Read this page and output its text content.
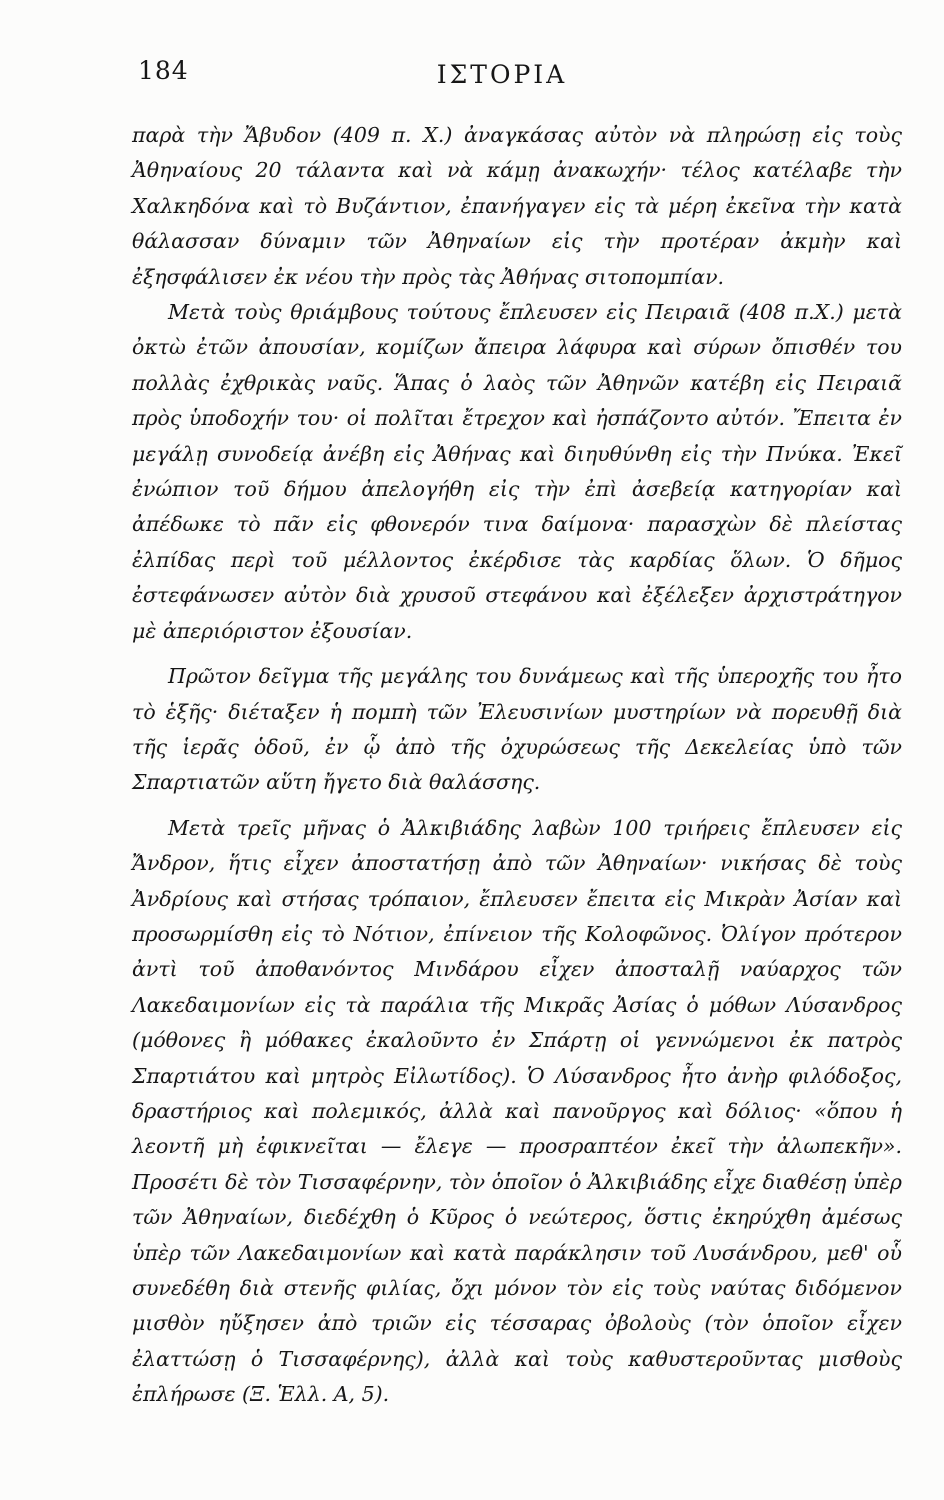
184	ΙΣΤΟΡΙΑ

παρὰ τὴν Ἄβυδον (409 π. Χ.) ἀναγκάσας αὐτὸν νὰ πληρώσῃ εἰς τοὺς Ἀθηναίους 20 τάλαντα καὶ νὰ κάμῃ ἀνακωχήν· τέλος κατέλαβε τὴν Χαλκηδόνα καὶ τὸ Βυζάντιον, ἐπανήγαγεν εἰς τὰ μέρη ἐκεῖνα τὴν κατὰ θάλασσαν δύναμιν τῶν Ἀθηναίων εἰς τὴν προτέραν ἀκμὴν καὶ ἐξησφάλισεν ἐκ νέου τὴν πρὸς τὰς Ἀθήνας σιτοπομπίαν.

Μετὰ τοὺς θριάμβους τούτους ἔπλευσεν εἰς Πειραιᾶ (408 π.Χ.) μετὰ ὀκτὼ ἐτῶν ἀπουσίαν, κομίζων ἄπειρα λάφυρα καὶ σύρων ὄπισθέν του πολλὰς ἐχθρικὰς ναῦς. Ἅπας ὁ λαὸς τῶν Ἀθηνῶν κατέβη εἰς Πειραιᾶ πρὸς ὑποδοχήν του· οἱ πολῖται ἔτρεχον καὶ ἠσπάζοντο αὐτόν. Ἔπειτα ἐν μεγάλῃ συνοδείᾳ ἀνέβη εἰς Ἀθήνας καὶ διηυθύνθη εἰς τὴν Πνύκα. Ἐκεῖ ἐνώπιον τοῦ δήμου ἀπελογήθη εἰς τὴν ἐπὶ ἀσεβείᾳ κατηγορίαν καὶ ἀπέδωκε τὸ πᾶν εἰς φθονερόν τινα δαίμονα· παρασχὼν δὲ πλείστας ἐλπίδας περὶ τοῦ μέλλοντος ἐκέρδισε τὰς καρδίας ὅλων. Ὁ δῆμος ἐστεφάνωσεν αὐτὸν διὰ χρυσοῦ στεφάνου καὶ ἐξέλεξεν ἀρχιστράτηγον μὲ ἀπεριόριστον ἐξουσίαν.

Πρῶτον δεῖγμα τῆς μεγάλης του δυνάμεως καὶ τῆς ὑπεροχῆς του ἦτο τὸ ἑξῆς· διέταξεν ἡ πομπὴ τῶν Ἐλευσινίων μυστηρίων νὰ πορευθῇ διὰ τῆς ἱερᾶς ὁδοῦ, ἐν ᾧ ἀπὸ τῆς ὀχυρώσεως τῆς Δεκελείας ὑπὸ τῶν Σπαρτιατῶν αὕτη ἤγετο διὰ θαλάσσης.

Μετὰ τρεῖς μῆνας ὁ Ἀλκιβιάδης λαβὼν 100 τριήρεις ἔπλευσεν εἰς Ἄνδρον, ἥτις εἶχεν ἀποστατήσῃ ἀπὸ τῶν Ἀθηναίων· νικήσας δὲ τοὺς Ἀνδρίους καὶ στήσας τρόπαιον, ἔπλευσεν ἔπειτα εἰς Μικρὰν Ἀσίαν καὶ προσωρμίσθη εἰς τὸ Νότιον, ἐπίνειον τῆς Κολοφῶνος. Ὀλίγον πρότερον ἀντὶ τοῦ ἀποθανόντος Μινδάρου εἶχεν ἀποσταλῇ ναύαρχος τῶν Λακεδαιμονίων εἰς τὰ παράλια τῆς Μικρᾶς Ἀσίας ὁ μόθων Λύσανδρος (μόθονες ἢ μόθακες ἐκαλοῦντο ἐν Σπάρτῃ οἱ γεννώμενοι ἐκ πατρὸς Σπαρτιάτου καὶ μητρὸς Εἰλωτίδος). Ὁ Λύσανδρος ἦτο ἀνὴρ φιλόδοξος, δραστήριος καὶ πολεμικός, ἀλλὰ καὶ πανοῦργος καὶ δόλιος· «ὅπου ἡ λεοντῆ μὴ ἐφικνεῖται — ἔλεγε — προσραπτέον ἐκεῖ τὴν ἀλωπεκῆν». Προσέτι δὲ τὸν Τισσαφέρνην, τὸν ὁποῖον ὁ Ἀλκιβιάδης εἶχε διαθέσῃ ὑπὲρ τῶν Ἀθηναίων, διεδέχθη ὁ Κῦρος ὁ νεώτερος, ὅστις ἐκηρύχθη ἀμέσως ὑπὲρ τῶν Λακεδαιμονίων καὶ κατὰ παράκλησιν τοῦ Λυσάνδρου, μεθ' οὗ συνεδέθη διὰ στενῆς φιλίας, ὄχι μόνον τὸν εἰς τοὺς ναύτας διδόμενον μισθὸν ηὔξησεν ἀπὸ τριῶν εἰς τέσσαρας ὀβολοὺς (τὸν ὁποῖον εἶχεν ἐλαττώσῃ ὁ Τισσαφέρνης), ἀλλὰ καὶ τοὺς καθυστεροῦντας μισθοὺς ἐπλήρωσε (Ξ. Ἑλλ. Α, 5).
